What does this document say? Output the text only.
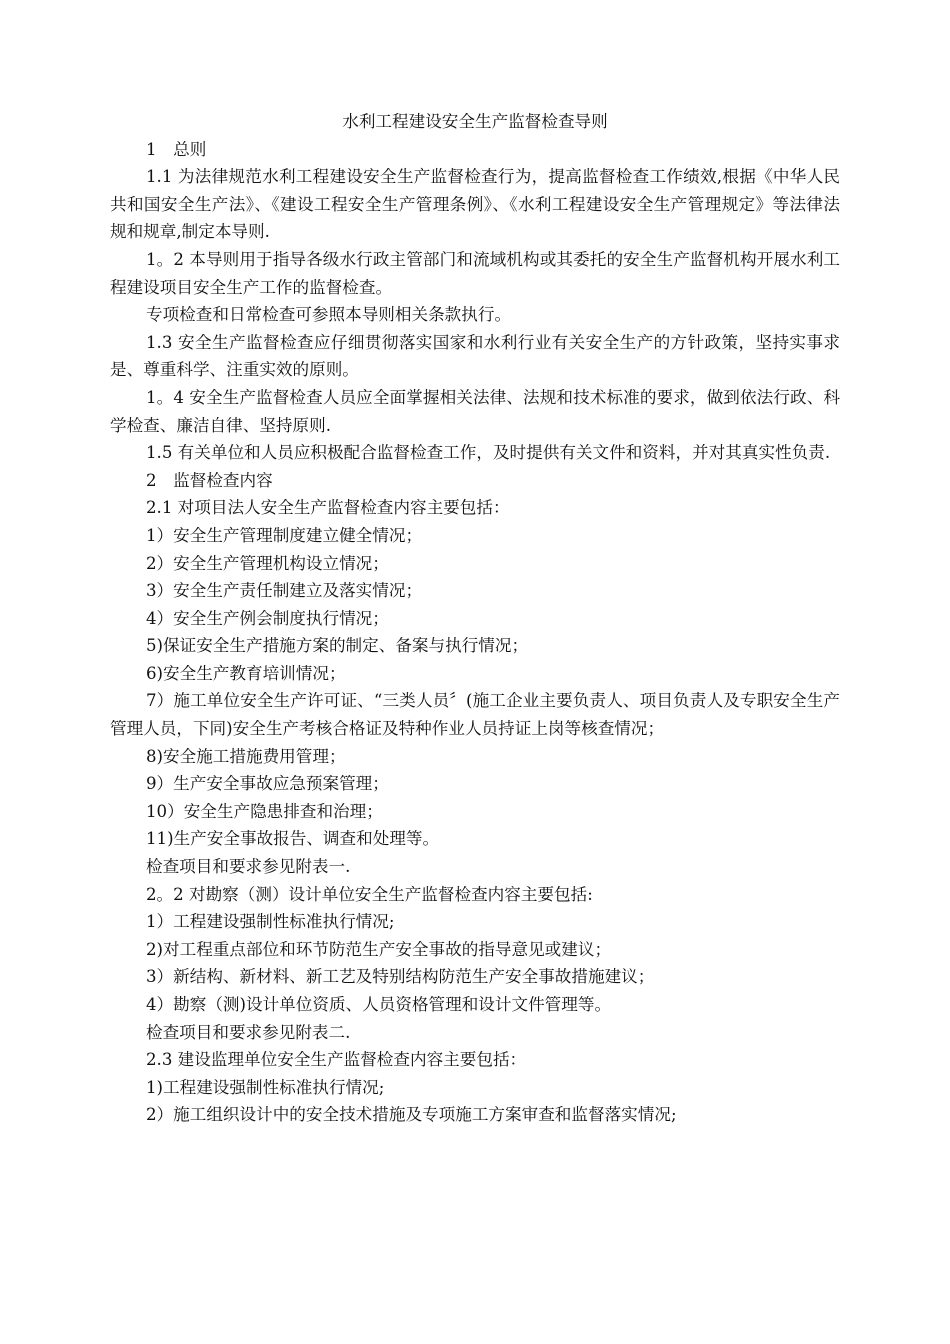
水利工程建设安全生产监督检查导则

1　总则

1.1 为法律规范水利工程建设安全生产监督检查行为，提高监督检查工作绩效,根据《中华人民共和国安全生产法》、《建设工程安全生产管理条例》、《水利工程建设安全生产管理规定》等法律法规和规章,制定本导则.

1。2 本导则用于指导各级水行政主管部门和流域机构或其委托的安全生产监督机构开展水利工程建设项目安全生产工作的监督检查。

专项检查和日常检查可参照本导则相关条款执行。

1.3 安全生产监督检查应仔细贯彻落实国家和水利行业有关安全生产的方针政策，坚持实事求是、尊重科学、注重实效的原则。

1。4 安全生产监督检查人员应全面掌握相关法律、法规和技术标准的要求，做到依法行政、科学检查、廉洁自律、坚持原则.

1.5 有关单位和人员应积极配合监督检查工作，及时提供有关文件和资料，并对其真实性负责.

2　监督检查内容

2.1 对项目法人安全生产监督检查内容主要包括：

1）安全生产管理制度建立健全情况；

2）安全生产管理机构设立情况；

3）安全生产责任制建立及落实情况；

4）安全生产例会制度执行情况；

5)保证安全生产措施方案的制定、备案与执行情况；

6)安全生产教育培训情况；

7）施工单位安全生产许可证、“三类人员〞(施工企业主要负责人、项目负责人及专职安全生产管理人员，下同)安全生产考核合格证及特种作业人员持证上岗等核查情况；

8)安全施工措施费用管理；

9）生产安全事故应急预案管理；

10）安全生产隐患排查和治理；

11)生产安全事故报告、调查和处理等。

检查项目和要求参见附表一.

2。2 对勘察（测）设计单位安全生产监督检查内容主要包括:

1）工程建设强制性标准执行情况;

2)对工程重点部位和环节防范生产安全事故的指导意见或建议；

3）新结构、新材料、新工艺及特别结构防范生产安全事故措施建议；

4）勘察（测)设计单位资质、人员资格管理和设计文件管理等。

检查项目和要求参见附表二.

2.3 建设监理单位安全生产监督检查内容主要包括：

1)工程建设强制性标准执行情况;

2）施工组织设计中的安全技术措施及专项施工方案审查和监督落实情况;
